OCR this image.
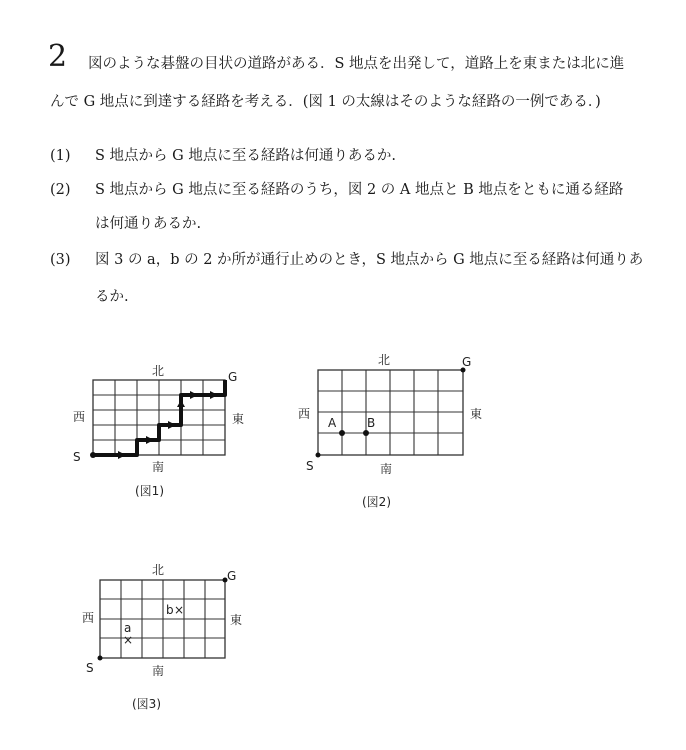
2 図のような碁盤の目状の道路がある．S 地点を出発して，道路上を東または北に進
んで G 地点に到達する経路を考える．(図 1 の太線はそのような経路の一例である．)
(1) S 地点から G 地点に至る経路は何通りあるか.
(2) S 地点から G 地点に至る経路のうち，図 2 の A 地点と B 地点をともに通る経路
は何通りあるか.
(3) 図 3 の a，b の 2 か所が通行止めのとき，S 地点から G 地点に至る経路は何通りあ
るか.
北
南
東
西
S
G
(図1)
A	B
北
南
東
西
S
G
(図2)
a
×
b ×
北
南
東
西
S
G
(図3)
